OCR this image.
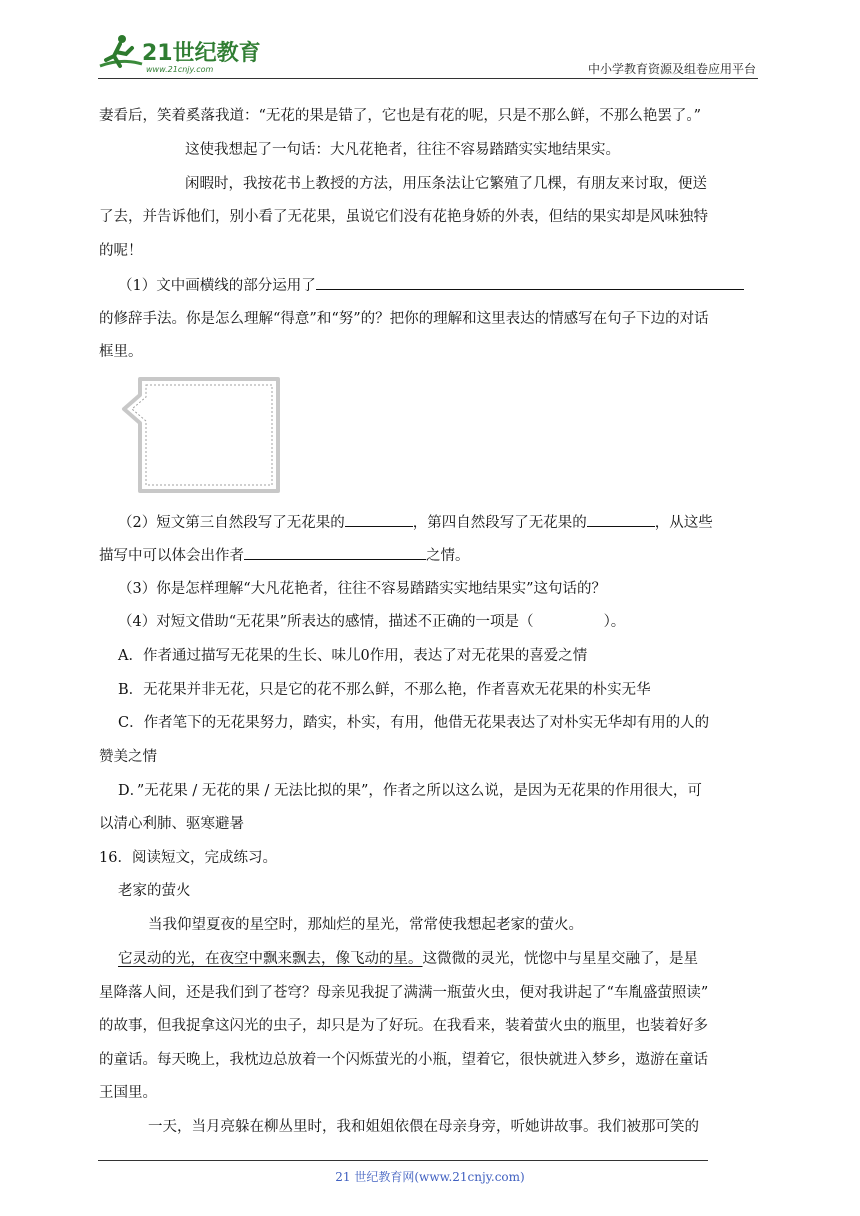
21世纪教育
www.21cnjy.com	中小学教育资源及组卷应用平台
妻看后，笑着奚落我道：“无花的果是错了，它也是有花的呢，只是不那么鲜，不那么艳罢了。”
这使我想起了一句话：大凡花艳者，往往不容易踏踏实实地结果实。
闲暇时，我按花书上教授的方法，用压条法让它繁殖了几棵，有朋友来讨取，便送
了去，并告诉他们，别小看了无花果，虽说它们没有花艳身娇的外表，但结的果实却是风味独特
的呢！
（1）文中画横线的部分运用了
的修辞手法。你是怎么理解“得意”和“努”的？把你的理解和这里表达的情感写在句子下边的对话
框里。
（2）短文第三自然段写了无花果的	，第四自然段写了无花果的	，从这些
描写中可以体会出作者	之情。
（3）你是怎样理解“大凡花艳者，往往不容易踏踏实实地结果实”这句话的？
（4）对短文借助“无花果”所表达的感情，描述不正确的一项是（	）。
A．作者通过描写无花果的生长、味儿0作用，表达了对无花果的喜爱之情
B．无花果并非无花，只是它的花不那么鲜，不那么艳，作者喜欢无花果的朴实无华
C．作者笔下的无花果努力，踏实，朴实，有用，他借无花果表达了对朴实无华却有用的人的
赞美之情
D．”无花果 / 无花的果 / 无法比拟的果”，作者之所以这么说，是因为无花果的作用很大，可
以清心利肺、驱寒避暑
16．阅读短文，完成练习。
老家的萤火
当我仰望夏夜的星空时，那灿烂的星光，常常使我想起老家的萤火。
它灵动的光，在夜空中飘来飘去，像飞动的星。这微微的灵光，恍惚中与星星交融了，是星
星降落人间，还是我们到了苍穹？母亲见我捉了满满一瓶萤火虫，便对我讲起了“车胤盛萤照读”
的故事，但我捉拿这闪光的虫子，却只是为了好玩。在我看来，装着萤火虫的瓶里，也装着好多
的童话。每天晚上，我枕边总放着一个闪烁萤光的小瓶，望着它，很快就进入梦乡，遨游在童话
王国里。
一天，当月亮躲在柳丛里时，我和姐姐依偎在母亲身旁，听她讲故事。我们被那可笑的
21 世纪教育网(www.21cnjy.com)
